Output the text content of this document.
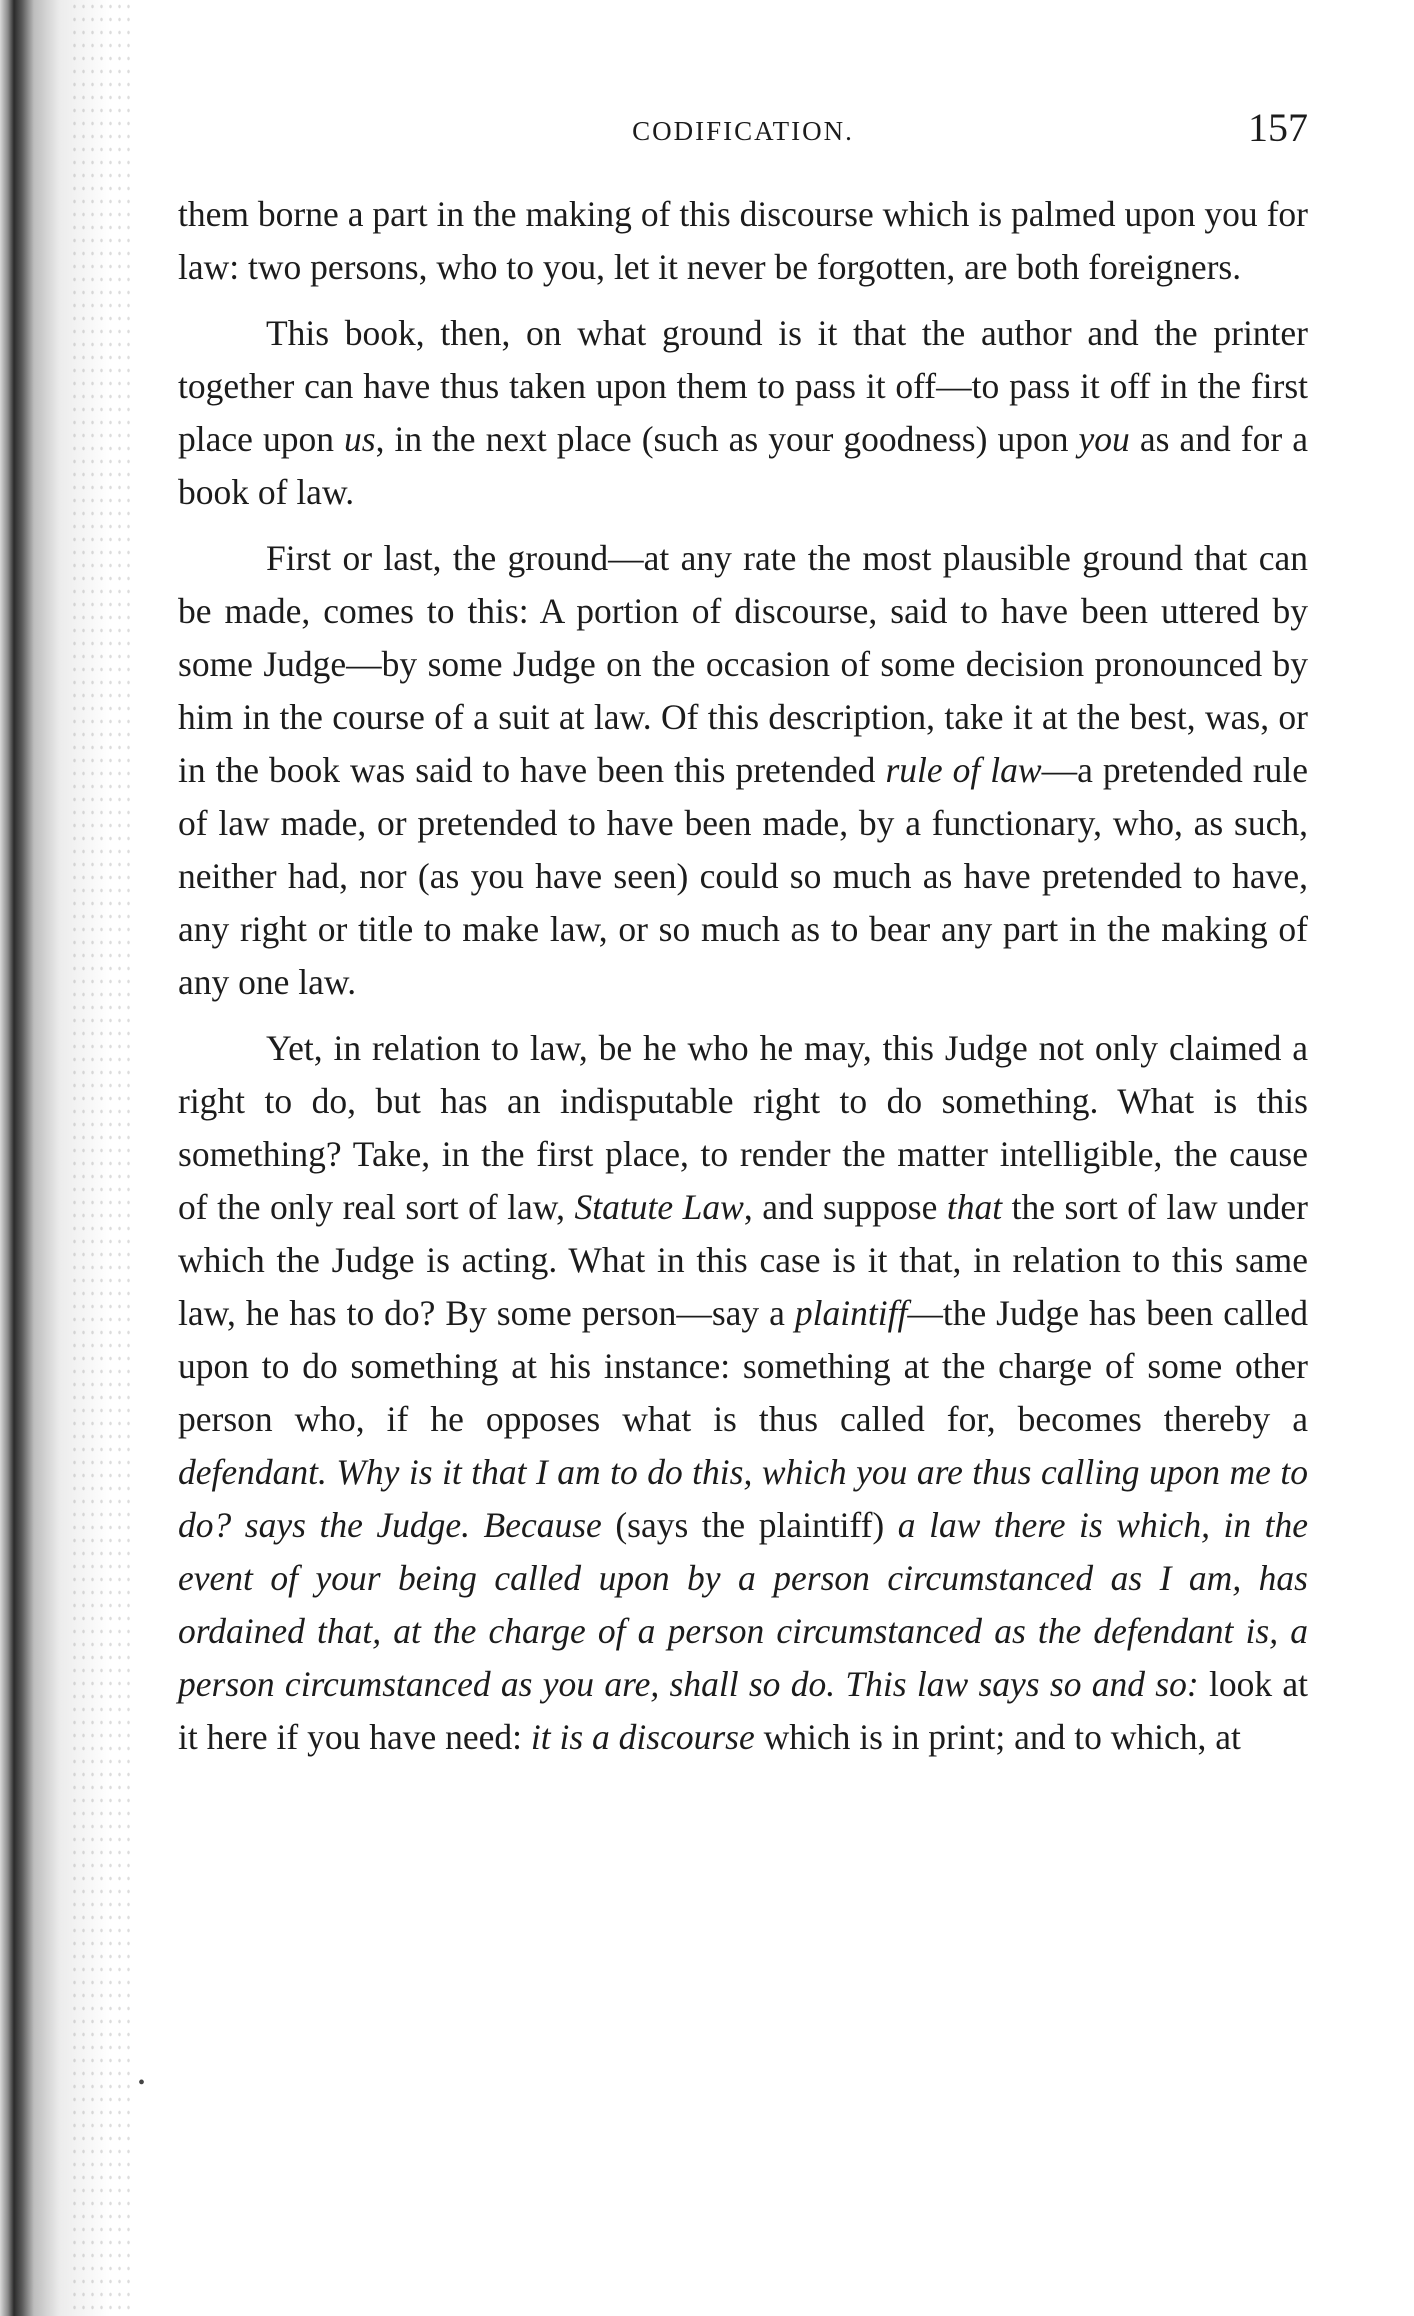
•
CODIFICATION.	157

them borne a part in the making of this discourse which is palmed upon you for law: two persons, who to you, let it never be forgotten, are both foreigners.

This book, then, on what ground is it that the author and the printer together can have thus taken upon them to pass it off—to pass it off in the first place upon us, in the next place (such as your goodness) upon you as and for a book of law.

First or last, the ground—at any rate the most plausible ground that can be made, comes to this: A portion of discourse, said to have been uttered by some Judge—by some Judge on the occasion of some decision pronounced by him in the course of a suit at law. Of this description, take it at the best, was, or in the book was said to have been this pretended rule of law—a pretended rule of law made, or pretended to have been made, by a functionary, who, as such, neither had, nor (as you have seen) could so much as have pretended to have, any right or title to make law, or so much as to bear any part in the making of any one law.

Yet, in relation to law, be he who he may, this Judge not only claimed a right to do, but has an indisputable right to do something. What is this something? Take, in the first place, to render the matter intelligible, the cause of the only real sort of law, Statute Law, and suppose that the sort of law under which the Judge is acting. What in this case is it that, in relation to this same law, he has to do? By some person—say a plaintiff—the Judge has been called upon to do something at his instance: something at the charge of some other person who, if he opposes what is thus called for, becomes thereby a defendant. Why is it that I am to do this, which you are thus calling upon me to do? says the Judge. Because (says the plaintiff) a law there is which, in the event of your being called upon by a person circumstanced as I am, has ordained that, at the charge of a person circumstanced as the defendant is, a person circumstanced as you are, shall so do. This law says so and so: look at it here if you have need: it is a discourse which is in print; and to which, at
